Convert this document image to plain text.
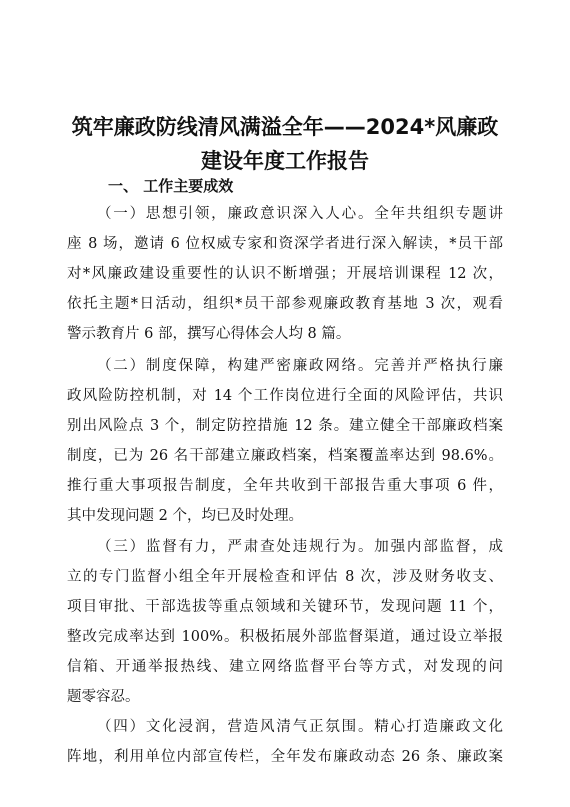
筑牢廉政防线清风满溢全年——2024*风廉政
建设年度工作报告
一、 工作主要成效
（一）思想引领，廉政意识深入人心。全年共组织专题讲
座 8 场，邀请 6 位权威专家和资深学者进行深入解读，*员干部
对*风廉政建设重要性的认识不断增强；开展培训课程 12 次，
依托主题*日活动，组织*员干部参观廉政教育基地 3 次，观看
警示教育片 6 部，撰写心得体会人均 8 篇。
（二）制度保障，构建严密廉政网络。完善并严格执行廉
政风险防控机制，对 14 个工作岗位进行全面的风险评估，共识
别出风险点 3 个，制定防控措施 12 条。建立健全干部廉政档案
制度，已为 26 名干部建立廉政档案，档案覆盖率达到 98.6%。
推行重大事项报告制度，全年共收到干部报告重大事项 6 件，
其中发现问题 2 个，均已及时处理。
（三）监督有力，严肃查处违规行为。加强内部监督，成
立的专门监督小组全年开展检查和评估 8 次，涉及财务收支、
项目审批、干部选拔等重点领域和关键环节，发现问题 11 个，
整改完成率达到 100%。积极拓展外部监督渠道，通过设立举报
信箱、开通举报热线、建立网络监督平台等方式，对发现的问
题零容忍。
（四）文化浸润，营造风清气正氛围。精心打造廉政文化
阵地，利用单位内部宣传栏，全年发布廉政动态 26 条、廉政案
